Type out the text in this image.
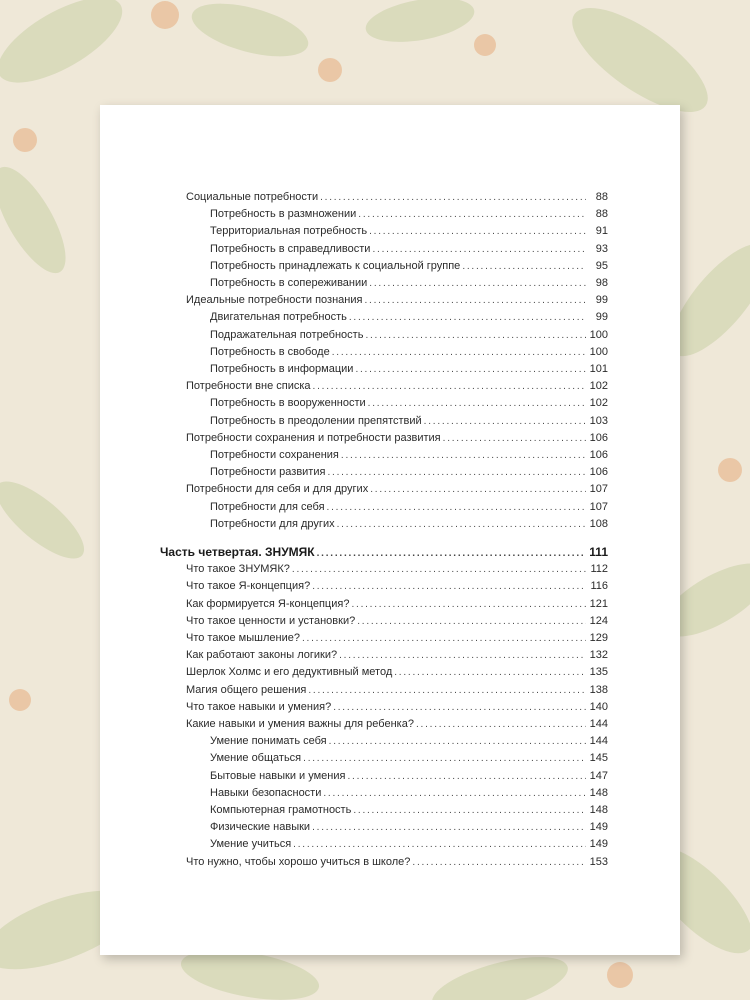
Социальные потребности . . .	88
Потребность в размножении . . .	88
Территориальная потребность . . .	91
Потребность в справедливости . . .	93
Потребность принадлежать к социальной группе . . .	95
Потребность в сопереживании . . .	98
Идеальные потребности познания . . .	99
Двигательная потребность . . .	99
Подражательная потребность . . .	100
Потребность в свободе . . .	100
Потребность в информации . . .	101
Потребности вне списка . . .	102
Потребность в вооруженности . . .	102
Потребность в преодолении препятствий . . .	103
Потребности сохранения и потребности развития . . .	106
Потребности сохранения . . .	106
Потребности развития . . .	106
Потребности для себя и для других . . .	107
Потребности для себя . . .	107
Потребности для других . . .	108
Часть четвертая. ЗНУМЯК . . .	111
Что такое ЗНУМЯК? . . .	112
Что такое Я-концепция? . . .	116
Как формируется Я-концепция? . . .	121
Что такое ценности и установки? . . .	124
Что такое мышление? . . .	129
Как работают законы логики? . . .	132
Шерлок Холмс и его дедуктивный метод . . .	135
Магия общего решения . . .	138
Что такое навыки и умения? . . .	140
Какие навыки и умения важны для ребенка? . . .	144
Умение понимать себя . . .	144
Умение общаться . . .	145
Бытовые навыки и умения . . .	147
Навыки безопасности . . .	148
Компьютерная грамотность . . .	148
Физические навыки . . .	149
Умение учиться . . .	149
Что нужно, чтобы хорошо учиться в школе? . . .	153
